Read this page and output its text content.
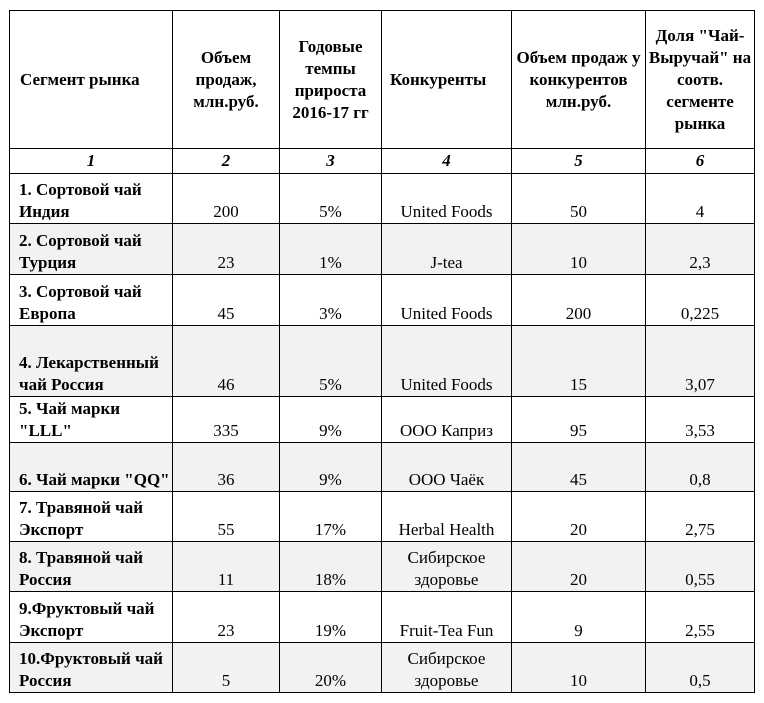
Сегмент рынка	Объем продаж, млн.руб.	Годовые темпы прироста 2016-17 гг	Конкуренты	Объем продаж у конкурентов млн.руб.	Доля "Чай-Выручай" на соотв. сегменте рынка
1	2	3	4	5	6
1. Сортовой чай Индия	200	5%	United Foods	50	4
2. Сортовой чай Турция	23	1%	J-tea	10	2,3
3. Сортовой чай Европа	45	3%	United Foods	200	0,225
4. Лекарственный чай Россия	46	5%	United Foods	15	3,07
5. Чай марки "LLL"	335	9%	ООО Каприз	95	3,53
6. Чай марки "QQ"	36	9%	ООО Чаёк	45	0,8
7. Травяной чай Экспорт	55	17%	Herbal Health	20	2,75
8. Травяной чай Россия	11	18%	Сибирское здоровье	20	0,55
9.Фруктовый чай Экспорт	23	19%	Fruit-Tea Fun	9	2,55
10.Фруктовый чай Россия	5	20%	Сибирское здоровье	10	0,5
